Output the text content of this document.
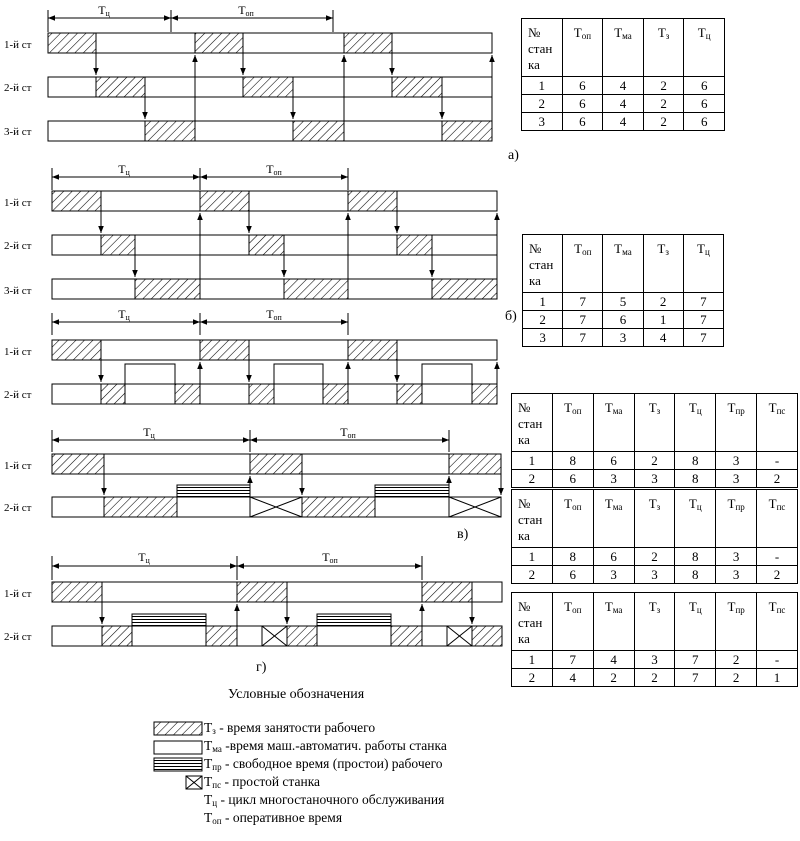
Tц	Tоп
1-й ст
2-й ст
3-й ст
Tц	Tоп
1-й ст
2-й ст
3-й ст
Tц	Tоп
1-й ст
2-й ст
Tц	Tоп
1-й ст
2-й ст
Tц	Tоп
1-й ст
2-й ст
№
стан
ка	$T_{оп}$	$T_{ма}$	$T_з$	$T_ц$
1	6	4	2	6
2	6	4	2	6
3	6	4	2	6
№
стан
ка	$T_{оп}$	$T_{ма}$	$T_з$	$T_ц$
1	7	5	2	7
2	7	6	1	7
3	7	3	4	7
№
стан
ка	$T_{оп}$	$T_{ма}$	$T_з$	$T_ц$	$T_{пр}$	$T_{пс}$
1	8	6	2	8	3	-
2	6	3	3	8	3	2
№
стан
ка	$T_{оп}$	$T_{ма}$	$T_з$	$T_ц$	$T_{пр}$	$T_{пс}$
1	8	6	2	8	3	-
2	6	3	3	8	3	2
№
стан
ка	$T_{оп}$	$T_{ма}$	$T_з$	$T_ц$	$T_{пр}$	$T_{пс}$
1	7	4	3	7	2	-
2	4	2	2	7	2	1
а)
б)
в)
г)
Условные обозначения
$T_з$ - время занятости рабочего
$T_{ма}$ -время маш.-автоматич. работы станка
$T_{пр}$ - свободное время (простои) рабочего
$T_{пс}$ - простой станка
$T_ц$ - цикл многостаночного обслуживания
$T_{оп}$ - оперативное время
